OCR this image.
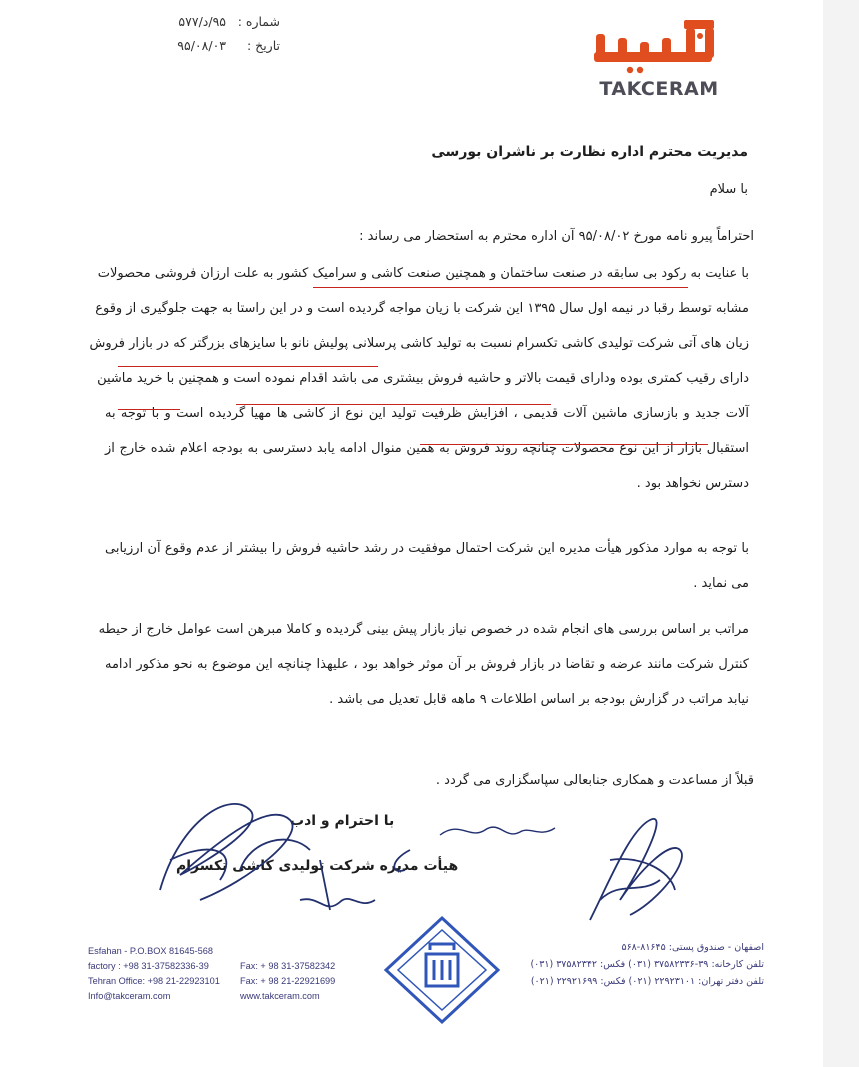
شماره : ۹۵/د/۵۷۷
تاریخ : ۹۵/۰۸/۰۳
TAKCERAM
مدیریت محترم اداره نظارت بر ناشران بورسی
با سلام
احتراماً پیرو نامه مورخ ۹۵/۰۸/۰۲ آن اداره محترم به استحضار می رساند :
با عنایت به رکود بی سابقه در صنعت ساختمان و همچنین صنعت کاشی و سرامیک کشور به علت ارزان فروشی محصولات
مشابه توسط رقبا در نیمه اول سال ۱۳۹۵ این شرکت با زیان مواجه گردیده است و در این راستا به جهت جلوگیری از وقوع
زیان های آتی شرکت تولیدی کاشی تکسرام نسبت به تولید کاشی پرسلانی پولیش نانو با سایزهای بزرگتر که در بازار فروش
دارای رقیب کمتری بوده ودارای قیمت بالاتر و حاشیه فروش بیشتری می باشد اقدام نموده است و همچنین با خرید ماشین
آلات جدید و بازسازی ماشین آلات قدیمی ، افزایش ظرفیت تولید این نوع از کاشی ها مهیا گردیده است و با توجه به
استقبال بازار از این نوع محصولات چنانچه روند فروش به همین منوال ادامه یابد دسترسی به بودجه اعلام شده خارج از
دسترس نخواهد بود .
با توجه به موارد مذکور هیأت مدیره این شرکت احتمال موفقیت در رشد حاشیه فروش را بیشتر از عدم وقوع آن ارزیابی
می نماید .
مراتب بر اساس بررسی های انجام شده در خصوص نیاز بازار پیش بینی گردیده و کاملا مبرهن است عوامل خارج از حیطه
کنترل شرکت مانند عرضه و تقاضا در بازار فروش بر آن موثر خواهد بود ، علیهذا چنانچه این موضوع به نحو مذکور ادامه
نیابد مراتب در گزارش بودجه بر اساس اطلاعات ۹ ماهه قابل تعدیل می باشد .
قبلاً از مساعدت و همکاری جنابعالی سپاسگزاری می گردد .
با احترام و ادب
هیأت مدیره شرکت تولیدی کاشی تکسرام
Esfahan - P.O.BOX 81645-568
factory : +98 31-37582336-39
Tehran Office: +98 21-22923101
Info@takceram.com
Fax: + 98 31-37582342
Fax: + 98 21-22921699
www.takceram.com
اصفهان - صندوق پستی: ۸۱۶۴۵-۵۶۸
تلفن کارخانه: ۳۹-۳۷۵۸۲۳۳۶ (۰۳۱) فکس: ۳۷۵۸۲۳۴۲ (۰۳۱)
تلفن دفتر تهران: ۲۲۹۲۳۱۰۱ (۰۲۱) فکس: ۲۲۹۲۱۶۹۹ (۰۲۱)
